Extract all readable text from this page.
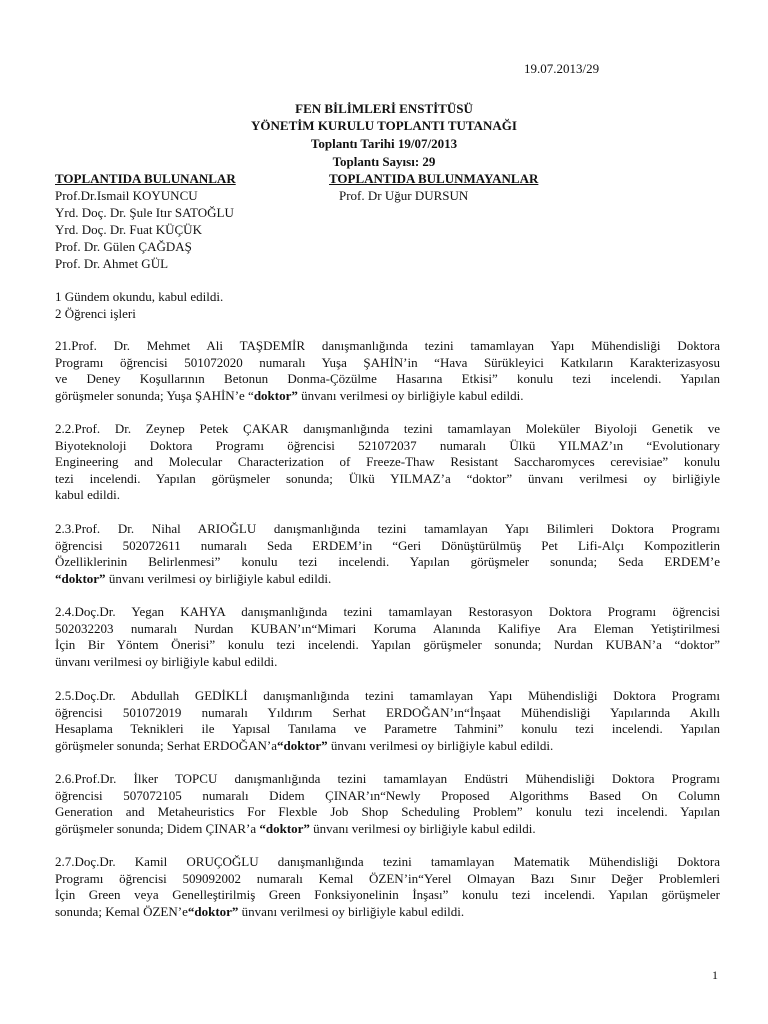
19.07.2013/29
FEN BİLİMLERİ ENSTİTÜSÜ
YÖNETİM KURULU TOPLANTI TUTANAĞI
Toplantı Tarihi 19/07/2013
Toplantı Sayısı: 29
TOPLANTIDA BULUNANLAR	TOPLANTIDA BULUNMAYANLAR
Prof.Dr.Ismail KOYUNCU
Yrd. Doç. Dr. Şule Itır SATOĞLU
Yrd. Doç. Dr. Fuat KÜÇÜK
Prof. Dr. Gülen ÇAĞDAŞ
Prof. Dr. Ahmet GÜL
Prof. Dr Uğur DURSUN
1 Gündem okundu, kabul edildi.
2 Öğrenci işleri
21.Prof. Dr. Mehmet Ali TAŞDEMİR danışmanlığında tezini tamamlayan Yapı Mühendisliği Doktora
Programı öğrencisi 501072020 numaralı Yuşa ŞAHİN’in “Hava Sürükleyici Katkıların Karakterizasyosu
ve Deney Koşullarının Betonun Donma-Çözülme Hasarına Etkisi” konulu tezi incelendi. Yapılan
görüşmeler sonunda; Yuşa ŞAHİN’e “doktor” ünvanı verilmesi oy birliğiyle kabul edildi.
2.2.Prof. Dr. Zeynep Petek ÇAKAR danışmanlığında tezini tamamlayan Moleküler Biyoloji Genetik ve
Biyoteknoloji Doktora Programı öğrencisi 521072037 numaralı Ülkü YILMAZ’ın “Evolutionary
Engineering and Molecular Characterization of Freeze-Thaw Resistant Saccharomyces cerevisiae” konulu
tezi incelendi. Yapılan görüşmeler sonunda; Ülkü YILMAZ’a “doktor” ünvanı verilmesi oy birliğiyle
kabul edildi.
2.3.Prof. Dr. Nihal ARIOĞLU danışmanlığında tezini tamamlayan Yapı Bilimleri Doktora Programı
öğrencisi 502072611 numaralı Seda ERDEM’in “Geri Dönüştürülmüş Pet Lifi-Alçı Kompozitlerin
Özelliklerinin Belirlenmesi” konulu tezi incelendi. Yapılan görüşmeler sonunda; Seda ERDEM’e
“doktor” ünvanı verilmesi oy birliğiyle kabul edildi.
2.4.Doç.Dr. Yegan KAHYA danışmanlığında tezini tamamlayan Restorasyon Doktora Programı öğrencisi
502032203 numaralı Nurdan KUBAN’ın“Mimari Koruma Alanında Kalifiye Ara Eleman Yetiştirilmesi
İçin Bir Yöntem Önerisi” konulu tezi incelendi. Yapılan görüşmeler sonunda; Nurdan KUBAN’a “doktor”
ünvanı verilmesi oy birliğiyle kabul edildi.
2.5.Doç.Dr. Abdullah GEDİKLİ danışmanlığında tezini tamamlayan Yapı Mühendisliği Doktora Programı
öğrencisi 501072019 numaralı Yıldırım Serhat ERDOĞAN’ın“İnşaat Mühendisliği Yapılarında Akıllı
Hesaplama Teknikleri ile Yapısal Tanılama ve Parametre Tahmini” konulu tezi incelendi. Yapılan
görüşmeler sonunda; Serhat ERDOĞAN’a“doktor” ünvanı verilmesi oy birliğiyle kabul edildi.
2.6.Prof.Dr. İlker TOPCU danışmanlığında tezini tamamlayan Endüstri Mühendisliği Doktora Programı
öğrencisi 507072105 numaralı Didem ÇINAR’ın“Newly Proposed Algorithms Based On Column
Generation and Metaheuristics For Flexble Job Shop Scheduling Problem” konulu tezi incelendi. Yapılan
görüşmeler sonunda; Didem ÇINAR’a “doktor” ünvanı verilmesi oy birliğiyle kabul edildi.
2.7.Doç.Dr. Kamil ORUÇOĞLU danışmanlığında tezini tamamlayan Matematik Mühendisliği Doktora
Programı öğrencisi 509092002 numaralı Kemal ÖZEN’in“Yerel Olmayan Bazı Sınır Değer Problemleri
İçin Green veya Genelleştirilmiş Green Fonksiyonelinin İnşası” konulu tezi incelendi. Yapılan görüşmeler
sonunda; Kemal ÖZEN’e“doktor” ünvanı verilmesi oy birliğiyle kabul edildi.
1
